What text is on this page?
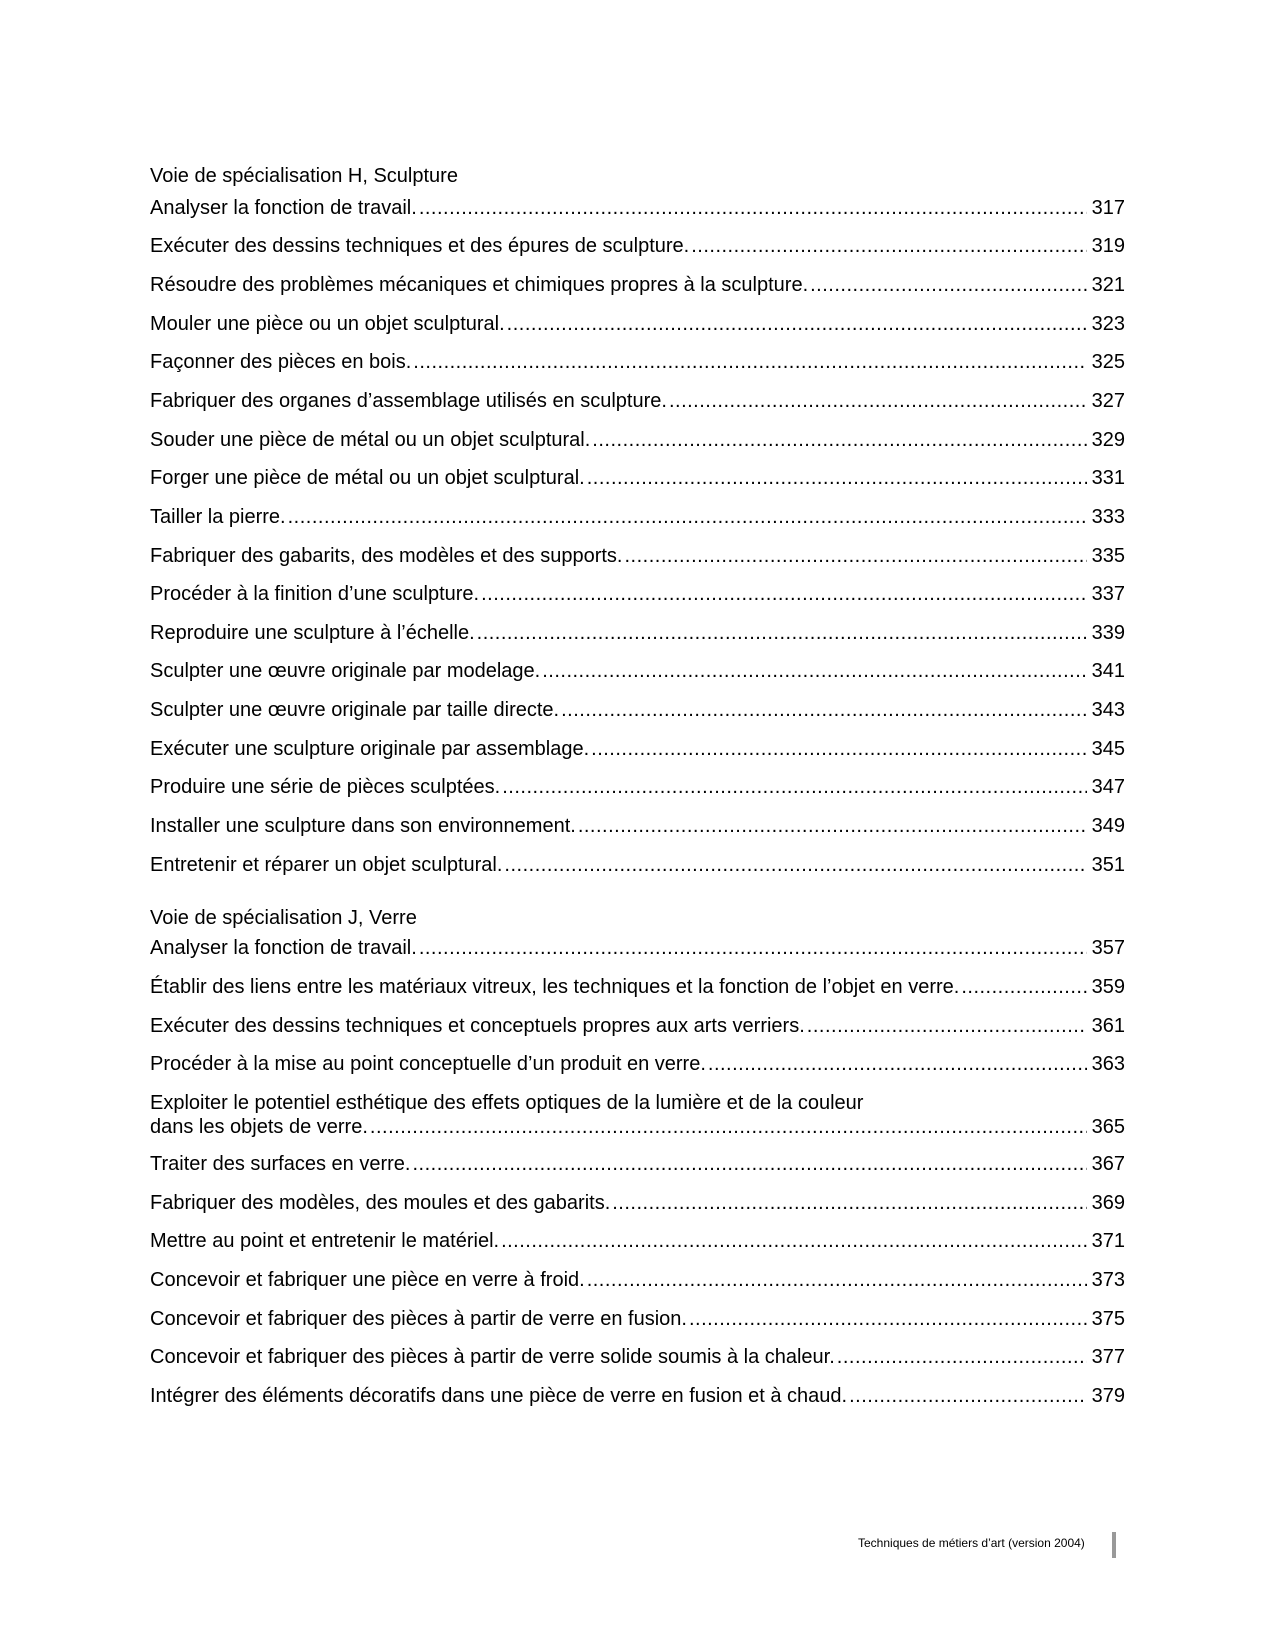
Voie de spécialisation H, Sculpture
Analyser la fonction de travail. .....	317
Exécuter des dessins techniques et des épures de sculpture. .....	319
Résoudre des problèmes mécaniques et chimiques propres à la sculpture. .....	321
Mouler une pièce ou un objet sculptural. .....	323
Façonner des pièces en bois. .....	325
Fabriquer des organes d’assemblage utilisés en sculpture. .....	327
Souder une pièce de métal ou un objet sculptural. .....	329
Forger une pièce de métal ou un objet sculptural. .....	331
Tailler la pierre. .....	333
Fabriquer des gabarits, des modèles et des supports. .....	335
Procéder à la finition d’une sculpture. .....	337
Reproduire une sculpture à l’échelle. .....	339
Sculpter une œuvre originale par modelage. .....	341
Sculpter une œuvre originale par taille directe. .....	343
Exécuter une sculpture originale par assemblage. .....	345
Produire une série de pièces sculptées. .....	347
Installer une sculpture dans son environnement. .....	349
Entretenir et réparer un objet sculptural. .....	351
Voie de spécialisation J, Verre
Analyser la fonction de travail. .....	357
Établir des liens entre les matériaux vitreux, les techniques et la fonction de l’objet en verre. .....	359
Exécuter des dessins techniques et conceptuels propres aux arts verriers. .....	361
Procéder à la mise au point conceptuelle d’un produit en verre. .....	363
Exploiter le potentiel esthétique des effets optiques de la lumière et de la couleur
dans les objets de verre. .....	365
Traiter des surfaces en verre. .....	367
Fabriquer des modèles, des moules et des gabarits. .....	369
Mettre au point et entretenir le matériel. .....	371
Concevoir et fabriquer une pièce en verre à froid. .....	373
Concevoir et fabriquer des pièces à partir de verre en fusion. .....	375
Concevoir et fabriquer des pièces à partir de verre solide soumis à la chaleur. .....	377
Intégrer des éléments décoratifs dans une pièce de verre en fusion et à chaud. .....	379
Techniques de métiers d’art (version 2004)
